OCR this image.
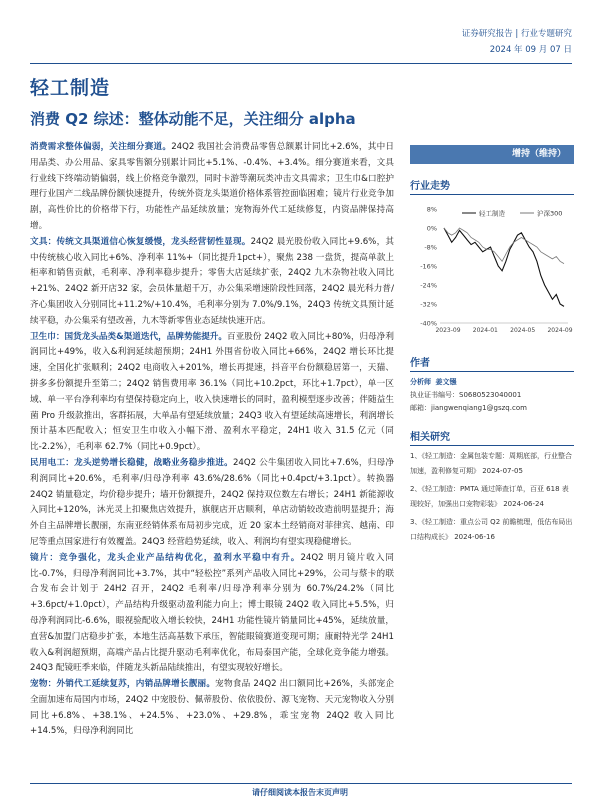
证券研究报告 | 行业专题研究
2024 年 09 月 07 日
轻工制造
消费 Q2 综述：整体动能不足，关注细分 alpha

消费需求整体偏弱，关注细分赛道。24Q2 我国社会消费品零售总额累计同比+2.6%，其中日用品类、办公用品、家具零售额分别累计同比+5.1%、-0.4%、+3.4%。细分赛道来看，文具行业线下终端动销偏弱，线上价格竞争激烈，同时卡游等潮玩类冲击文具需求；卫生巾&口腔护理行业国产二线品牌份额快速提升，传统外资龙头渠道价格体系管控面临困难；镜片行业竞争加剧，高性价比的价格带下行，功能性产品延续放量；宠物海外代工延续修复，内资品牌保持高增。

文具：传统文具渠道信心恢复缓慢，龙头经营韧性显现。24Q2 晨光股份收入同比+9.6%，其中传统核心收入同比+6%、净利率 11%+（同比提升1pct+），聚焦 238 一盘货，提高单款上柜率和销售贡献，毛利率、净利率稳步提升；零售大店延续扩张，24Q2 九木杂物社收入同比+21%、24Q2 新开店32 家，会员体量超千万，办公集采增速阶段性回落，24Q2 晨光科力普/齐心集团收入分别同比+11.2%/+10.4%，毛利率分别为 7.0%/9.1%，24Q3 传统文具预计延续平稳，办公集采有望改善，九木等新零售业态延续快速开店。

卫生巾：国货龙头品类&渠道迭代，品牌势能提升。百亚股份 24Q2 收入同比+80%，归母净利润同比+49%，收入&利润延续超预期；24H1 外围省份收入同比+66%，24Q2 增长环比提速，全国化扩张顺利；24Q2 电商收入+201%，增长再提速，抖音平台份额稳居第一，天猫、拼多多份额提升至第二；24Q2 销售费用率 36.1%（同比+10.2pct，环比+1.7pct），单一区域、单一平台净利率均有望保持稳定向上，收入快速增长的同时，盈利模型逐步改善；伴随益生菌 Pro 升级款推出，客群拓展，大单品有望延续放量；24Q3 收入有望延续高速增长，利润增长预计基本匹配收入；恒安卫生巾收入小幅下滑、盈利水平稳定，24H1 收入 31.5 亿元（同比-2.2%），毛利率 62.7%（同比+0.9pct）。

民用电工：龙头逆势增长稳健，战略业务稳步推进。24Q2 公牛集团收入同比+7.6%，归母净利润同比+20.6%，毛利率/归母净利率 43.6%/28.6%（同比+0.4pct/+3.1pct）。转换器 24Q2 销量稳定，均价稳步提升；墙开份额提升，24Q2 保持双位数左右增长；24H1 新能源收入同比+120%，沐光灵上扣聚焦店效提升，旗舰店开店顺利，单店动销较改造前明显提升；海外自主品牌增长靓丽，东南亚经销体系布局初步完成，近 20 家本土经销商对菲律宾、越南、印尼等重点国家进行有效覆盖。24Q3 经营趋势延续，收入、利润均有望实现稳健增长。

镜片：竞争强化，龙头企业产品结构优化，盈利水平稳中有升。24Q2 明月镜片收入同比-0.7%，归母净利润同比+3.7%，其中“轻松控”系列产品收入同比+29%，公司与蔡卡的联合发布会计划于 24H2 召开，24Q2 毛利率/归母净利率分别为 60.7%/24.2%（同比+3.6pct/+1.0pct），产品结构升级驱动盈利能力向上；博士眼镜 24Q2 收入同比+5.5%，归母净利润同比-6.6%，眼视验配收入增长较快，24H1 功能性镜片销量同比+45%，延续放量，直营&加盟门店稳步扩张，本地生活高基数下承压，智能眼镜赛道变现可期；康耐特光学 24H1 收入&利润超预期，高端产品占比提升驱动毛利率优化，布局泰国产能，全球化竞争能力增强。24Q3 配镜旺季来临，伴随龙头新品陆续推出，有望实现较好增长。

宠物：外销代工延续复苏，内销品牌增长靓丽。宠物食品 24Q2 出口额同比+26%，头部宠企全面加速布局国内市场，24Q2 中宠股份、佩蒂股份、依依股份、源飞宠物、天元宠物收入分别同比+6.8%、+38.1%、+24.5%、+23.0%、+29.8%，乖宝宠物 24Q2 收入同比+14.5%，归母净利润同比

增持（维持）
行业走势
8%
0%
-8%
-16%
-24%
-32%
-40%
2023-09 2024-01 2024-05 2024-09
轻工制造	沪深300
作者
分析师 姜文镪
执业证书编号：S0680523040001
邮箱：jiangwenqiang1@gszq.com
相关研究
1、《轻工制造：金属包装专题：周期底部，行业整合加速，盈利修复可期》 2024-07-05
2、《轻工制造：PMTA 通过筛查订单，百亚 618 表现较好，加强出口宠物彩装》 2024-06-24
3、《轻工制造：重点公司 Q2 前瞻梳理，低估布局出口结构成长》 2024-06-16
请仔细阅读本报告末页声明
